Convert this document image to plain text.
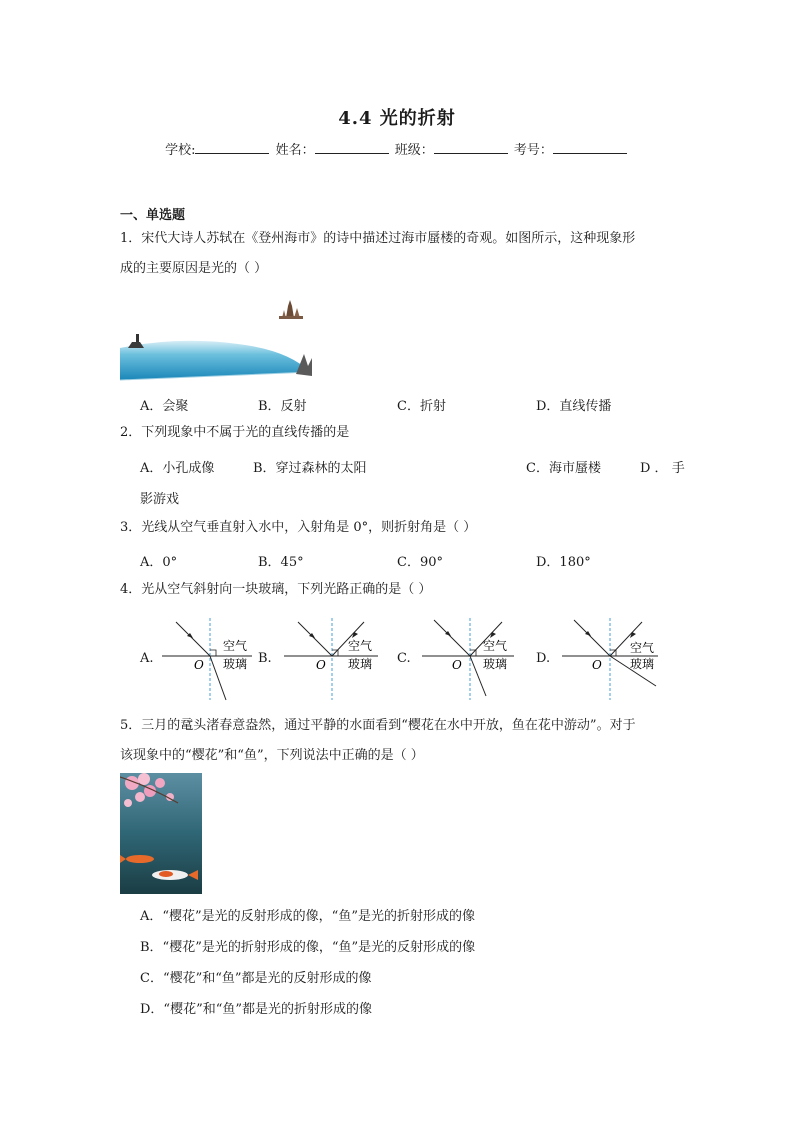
4.4 光的折射
学校:	姓名：	班级：	考号：
一、单选题
1．宋代大诗人苏轼在《登州海市》的诗中描述过海市蜃楼的奇观。如图所示，这种现象形
成的主要原因是光的（ ）
A．会聚	B．反射	C．折射	D．直线传播
2．下列现象中不属于光的直线传播的是
A．小孔成像	B．穿过森林的太阳	C．海市蜃楼	D ． 手
影游戏
3．光线从空气垂直射入水中，入射角是 0°，则折射角是（ ）
A．0°	B．45°	C．90°	D．180°
4．光从空气斜射向一块玻璃，下列光路正确的是（ ）
A.
空气
玻璃
O	B.
空气
玻璃
O	C.
空气
玻璃
O	D.
空气
玻璃
O
5．三月的鼋头渚春意盎然，通过平静的水面看到“樱花在水中开放，鱼在花中游动”。对于
该现象中的“樱花”和“鱼”，下列说法中正确的是（ ）
A．“樱花”是光的反射形成的像，“鱼”是光的折射形成的像
B．“樱花”是光的折射形成的像，“鱼”是光的反射形成的像
C．“樱花”和“鱼”都是光的反射形成的像
D．“樱花”和“鱼”都是光的折射形成的像
